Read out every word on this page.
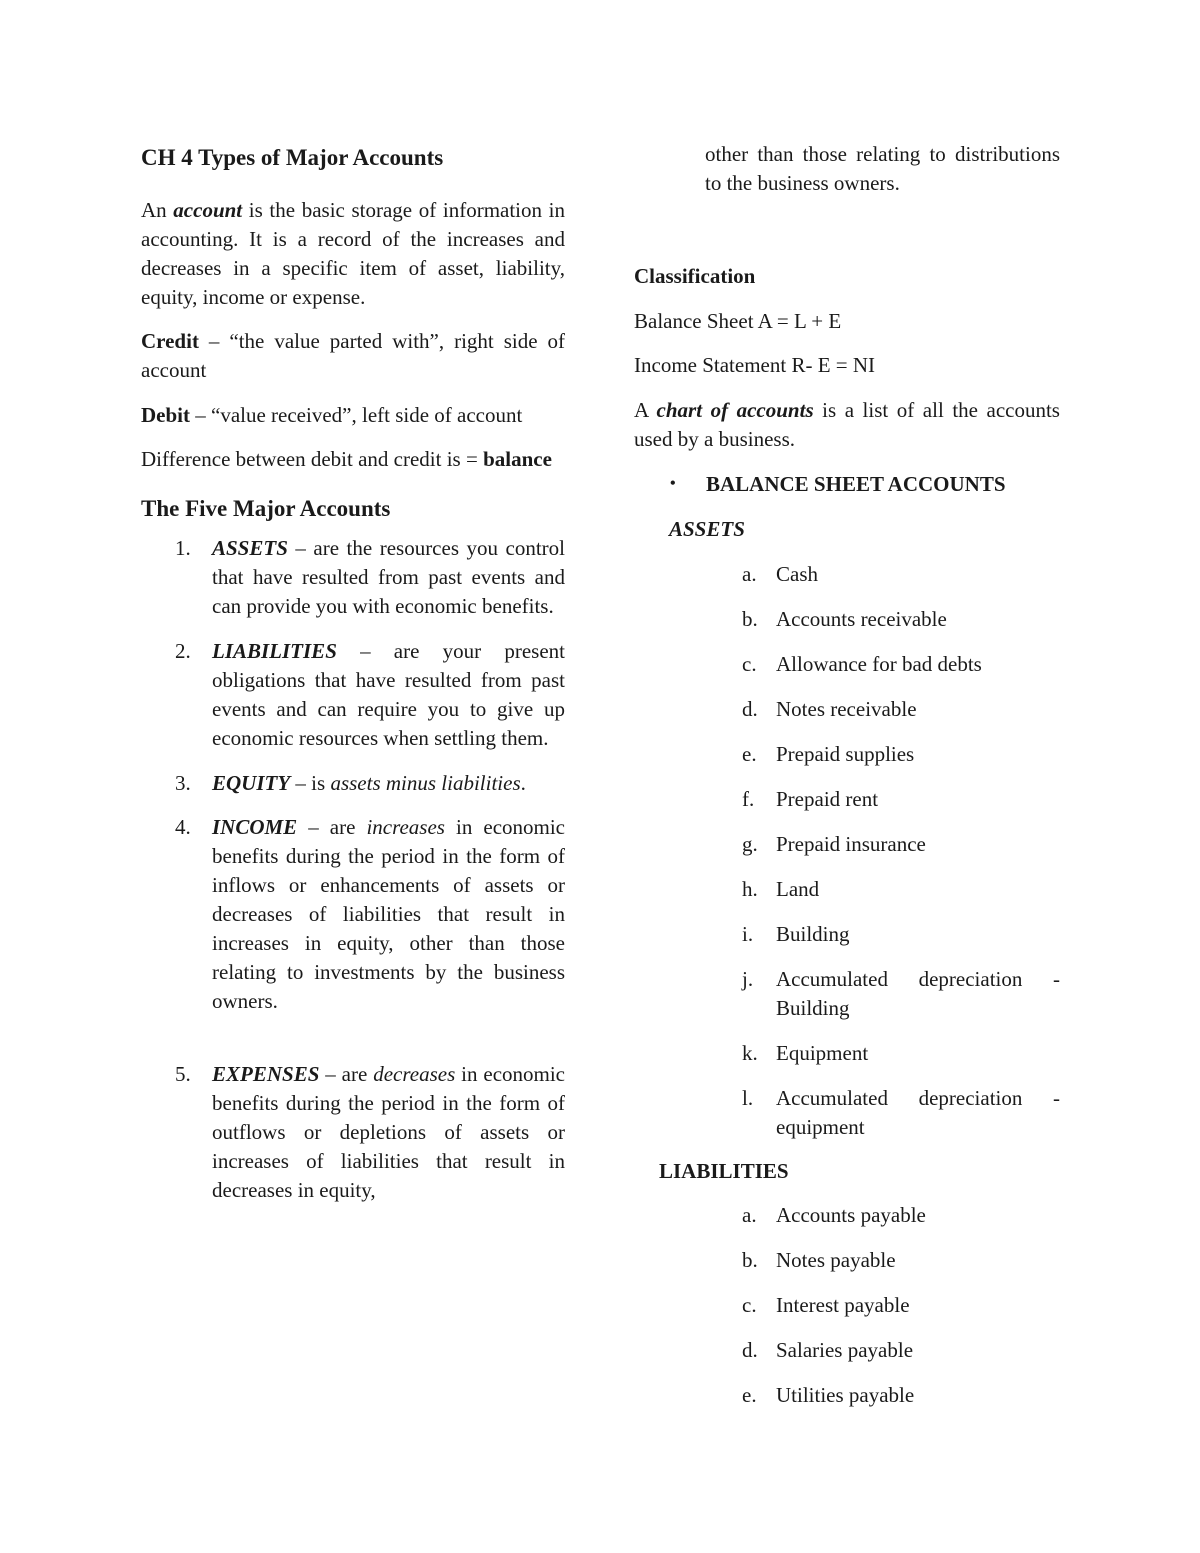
CH 4 Types of Major Accounts

An account is the basic storage of information in accounting. It is a record of the increases and decreases in a specific item of asset, liability, equity, income or expense.

Credit – “the value parted with”, right side of account

Debit – “value received”, left side of account

Difference between debit and credit is = balance

The Five Major Accounts
1. ASSETS – are the resources you control that have resulted from past events and can provide you with economic benefits.
2. LIABILITIES – are your present obligations that have resulted from past events and can require you to give up economic resources when settling them.
3. EQUITY – is assets minus liabilities.
4. INCOME – are increases in economic benefits during the period in the form of inflows or enhancements of assets or decreases of liabilities that result in increases in equity, other than those relating to investments by the business owners.
5. EXPENSES – are decreases in economic benefits during the period in the form of outflows or depletions of assets or increases of liabilities that result in decreases in equity,

other than those relating to distributions to the business owners.

Classification

Balance Sheet A = L + E

Income Statement R- E = NI

A chart of accounts is a list of all the accounts used by a business.

• BALANCE SHEET ACCOUNTS

ASSETS

a. Cash
b. Accounts receivable
c. Allowance for bad debts
d. Notes receivable
e. Prepaid supplies
f. Prepaid rent
g. Prepaid insurance
h. Land
i. Building
j. Accumulated depreciation - Building
k. Equipment
l. Accumulated depreciation - equipment

LIABILITIES

a. Accounts payable
b. Notes payable
c. Interest payable
d. Salaries payable
e. Utilities payable
